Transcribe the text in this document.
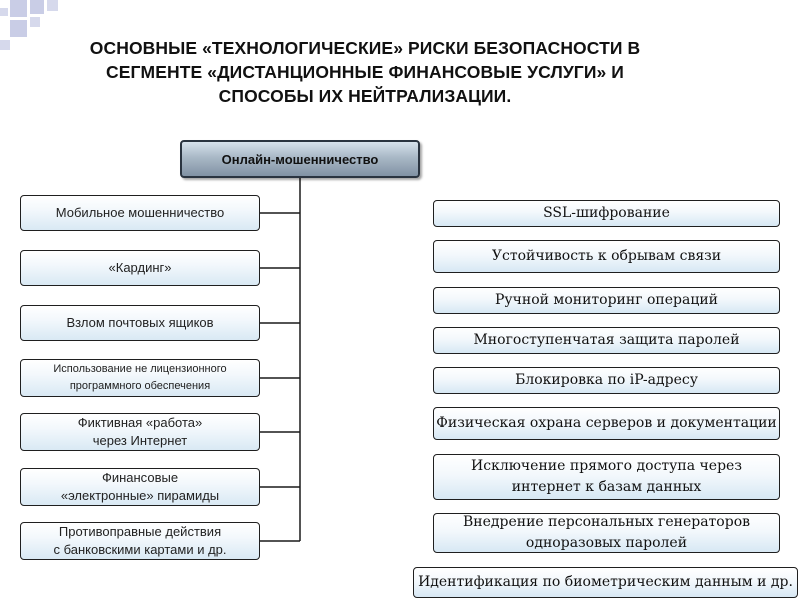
ОСНОВНЫЕ «ТЕХНОЛОГИЧЕСКИЕ» РИСКИ БЕЗОПАСНОСТИ В
СЕГМЕНТЕ «ДИСТАНЦИОННЫЕ ФИНАНСОВЫЕ УСЛУГИ» И
СПОСОБЫ ИХ НЕЙТРАЛИЗАЦИИ.
Онлайн-мошенничество
Мобильное мошенничество
«Кардинг»
Взлом почтовых ящиков
Использование не лицензионного
программного обеспечения
Фиктивная «работа»
через Интернет
Финансовые
«электронные» пирамиды
Противоправные действия
с банковскими картами и др.
SSL-шифрование
Устойчивость к обрывам связи
Ручной мониторинг операций
Многоступенчатая защита паролей
Блокировка по iP-адресу
Физическая охрана серверов и документации
Исключение прямого доступа через
интернет к базам данных
Внедрение персональных генераторов
одноразовых паролей
Идентификация по биометрическим данным и др.
